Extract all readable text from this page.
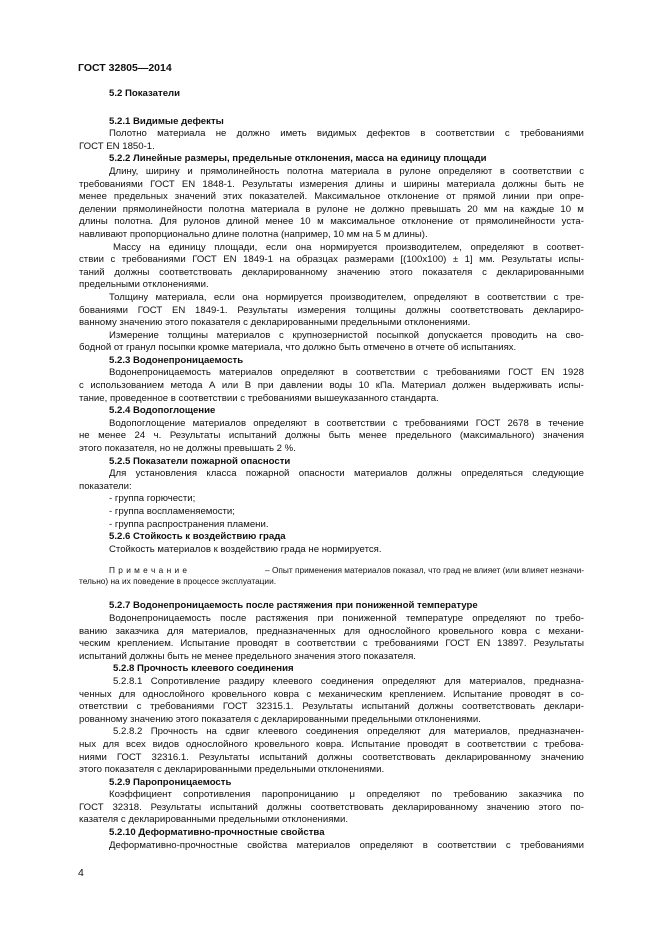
ГОСТ 32805—2014
5.2 Показатели
5.2.1 Видимые дефекты
Полотно материала не должно иметь видимых дефектов в соответствии с требованиями
ГОСТ EN 1850-1.
5.2.2 Линейные размеры, предельные отклонения, масса на единицу площади
Длину, ширину и прямолинейность полотна материала в рулоне определяют в соответствии с
требованиями ГОСТ EN 1848-1. Результаты измерения длины и ширины материала должны быть не
менее предельных значений этих показателей. Максимальное отклонение от прямой линии при опре-
делении прямолинейности полотна материала в рулоне не должно превышать 20 мм на каждые 10 м
длины полотна. Для рулонов длиной менее 10 м максимальное отклонение от прямолинейности уста-
навливают пропорционально длине полотна (например, 10 мм на 5 м длины).
Массу на единицу площади, если она нормируется производителем, определяют в соответ-
ствии с требованиями ГОСТ EN 1849-1 на образцах размерами [(100x100) ± 1] мм. Результаты испы-
таний должны соответствовать декларированному значению этого показателя с декларированными
предельными отклонениями.
Толщину материала, если она нормируется производителем, определяют в соответствии с тре-
бованиями ГОСТ EN 1849-1. Результаты измерения толщины должны соответствовать деклариро-
ванному значению этого показателя с декларированными предельными отклонениями.
Измерение толщины материалов с крупнозернистой посыпкой допускается проводить на сво-
бодной от гранул посыпки кромке материала, что должно быть отмечено в отчете об испытаниях.
5.2.3 Водонепроницаемость
Водонепроницаемость материалов определяют в соответствии с требованиями ГОСТ EN 1928
с использованием метода A или B при давлении воды 10 кПа. Материал должен выдерживать испы-
тание, проведенное в соответствии с требованиями вышеуказанного стандарта.
5.2.4 Водопоглощение
Водопоглощение материалов определяют в соответствии с требованиями ГОСТ 2678 в течение
не менее 24 ч. Результаты испытаний должны быть менее предельного (максимального) значения
этого показателя, но не должны превышать 2 %.
5.2.5 Показатели пожарной опасности
Для установления класса пожарной опасности материалов должны определяться следующие
показатели:
- группа горючести;
- группа воспламеняемости;
- группа распространения пламени.
5.2.6 Стойкость к воздействию града
Стойкость материалов к воздействию града не нормируется.
П р и м е ч а н и е	– Опыт применения материалов показал, что град не влияет (или влияет незначи-
тельно) на их поведение в процессе эксплуатации.
5.2.7 Водонепроницаемость после растяжения при пониженной температуре
Водонепроницаемость после растяжения при пониженной температуре определяют по требо-
ванию заказчика для материалов, предназначенных для однослойного кровельного ковра с механи-
ческим креплением. Испытание проводят в соответствии с требованиями ГОСТ EN 13897. Результаты
испытаний должны быть не менее предельного значения этого показателя.
5.2.8 Прочность клеевого соединения
5.2.8.1 Сопротивление раздиру клеевого соединения определяют для материалов, предназна-
ченных для однослойного кровельного ковра с механическим креплением. Испытание проводят в со-
ответствии с требованиями ГОСТ 32315.1. Результаты испытаний должны соответствовать деклари-
рованному значению этого показателя с декларированными предельными отклонениями.
5.2.8.2 Прочность на сдвиг клеевого соединения определяют для материалов, предназначен-
ных для всех видов однослойного кровельного ковра. Испытание проводят в соответствии с требова-
ниями ГОСТ 32316.1. Результаты испытаний должны соответствовать декларированному значению
этого показателя с декларированными предельными отклонениями.
5.2.9 Паропроницаемость
Коэффициент сопротивления паропроницанию μ определяют по требованию заказчика по
ГОСТ 32318. Результаты испытаний должны соответствовать декларированному значению этого по-
казателя с декларированными предельными отклонениями.
5.2.10 Деформативно-прочностные свойства
Деформативно-прочностные свойства материалов определяют в соответствии с требованиями
4
